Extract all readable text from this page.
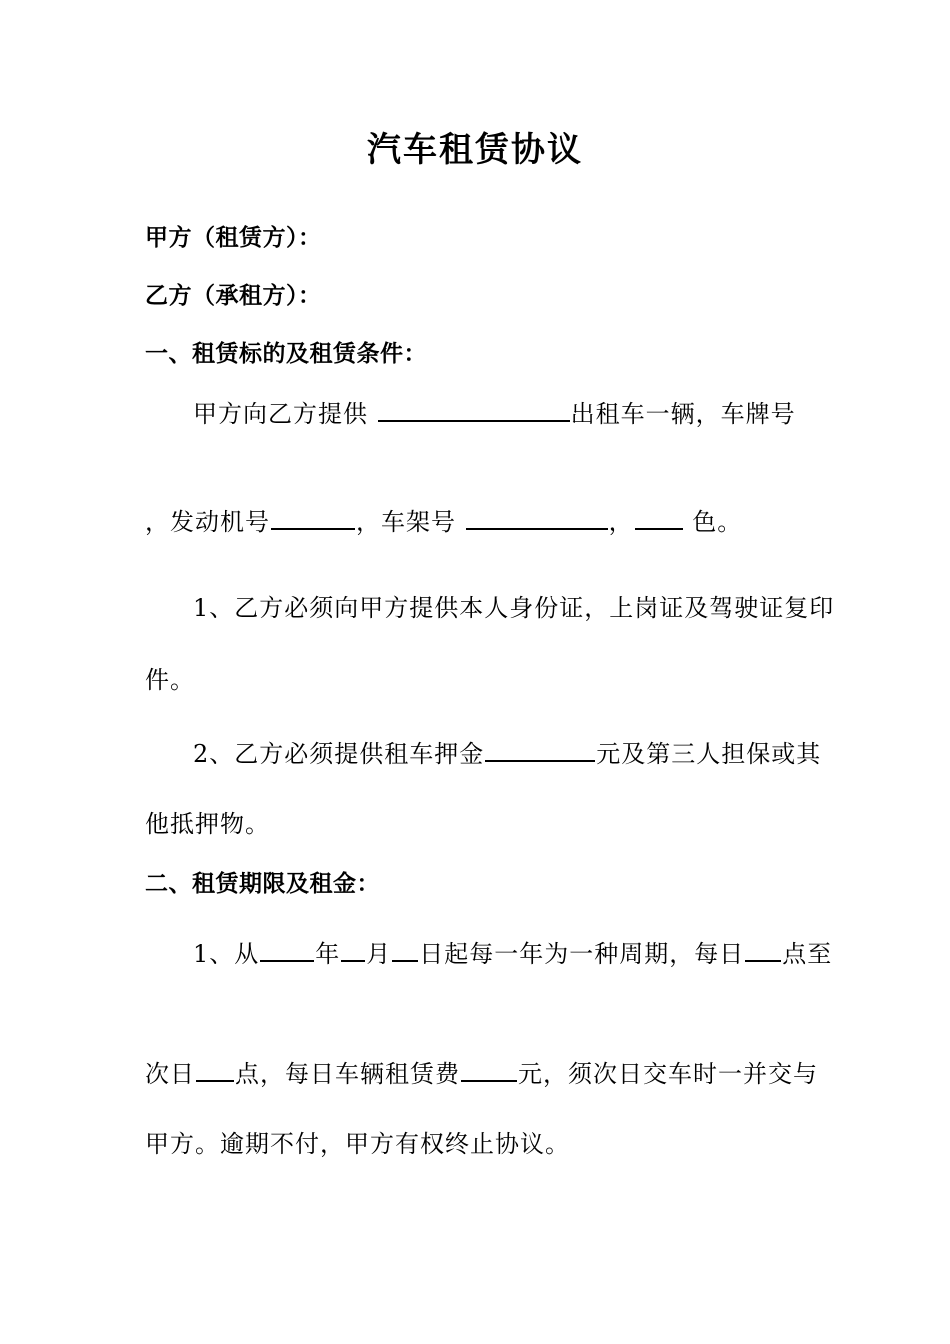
汽车租赁协议
甲方（租赁方）：
乙方（承租方）：
一、租赁标的及租赁条件：
甲方向乙方提供	出租车一辆，车牌号
，发动机号	，车架号	， 色。
1、乙方必须向甲方提供本人身份证，上岗证及驾驶证复印
件。
2、乙方必须提供租车押金	元及第三人担保或其
他抵押物。
二、租赁期限及租金：
1、从 年 月 日起每一年为一种周期，每日 点至
次日 点，每日车辆租赁费 元，须次日交车时一并交与
甲方。逾期不付，甲方有权终止协议。
